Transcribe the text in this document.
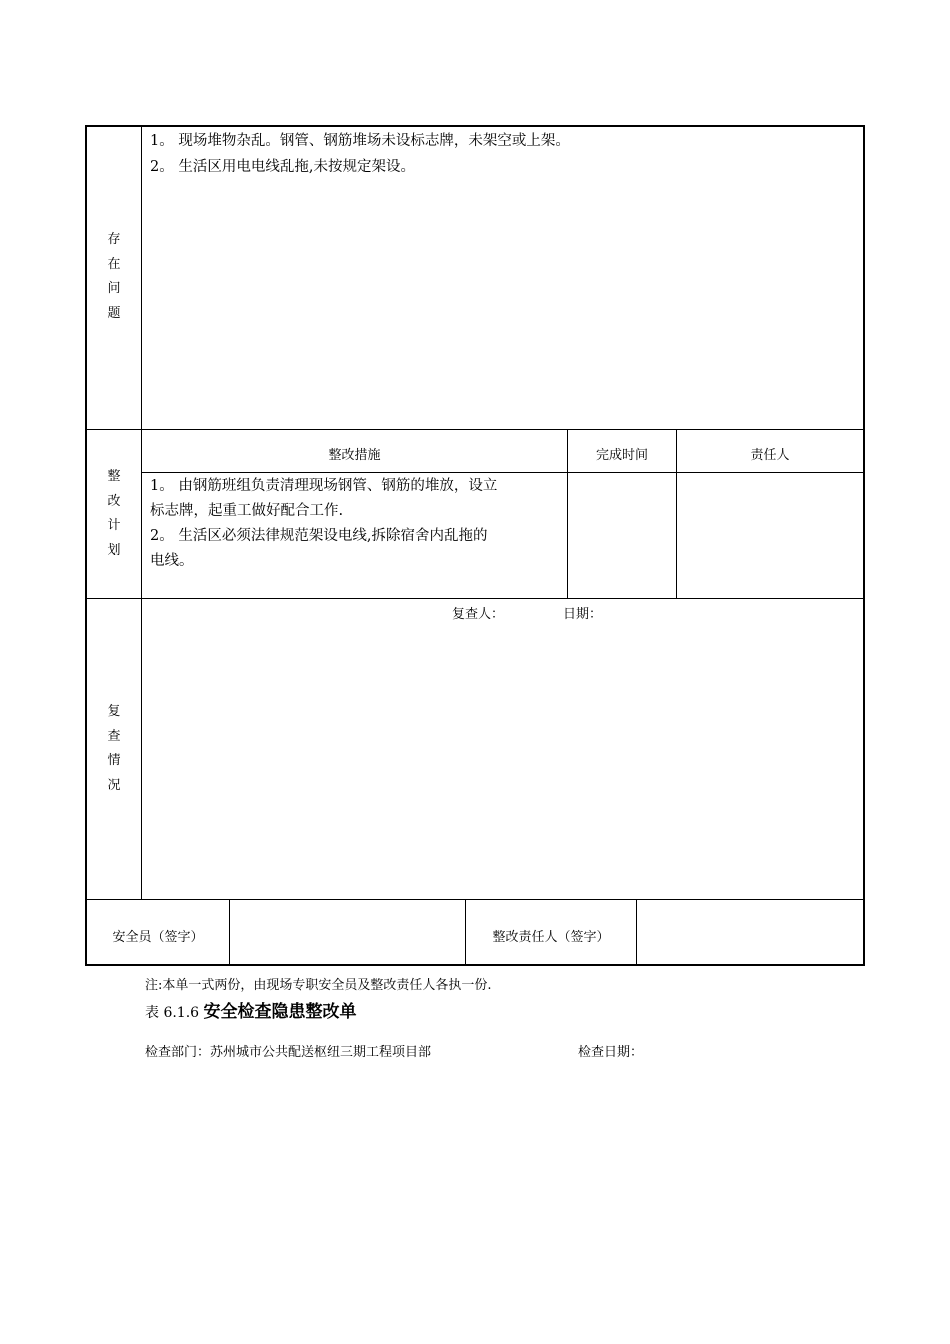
存
在
问
题
1。 现场堆物杂乱。钢管、钢筋堆场未设标志牌，未架空或上架。
2。 生活区用电电线乱拖,未按规定架设。
整
改
计
划
整改措施	完成时间	责任人
1。 由钢筋班组负责清理现场钢管、钢筋的堆放，设立
标志牌，起重工做好配合工作.
2。 生活区必须法律规范架设电线,拆除宿舍内乱拖的
电线。
复
查
情
况
复查人：	日期：
安全员（签字）	整改责任人（签字）
注:本单一式两份，由现场专职安全员及整改责任人各执一份.
表 6.1.6 安全检查隐患整改单
检查部门：苏州城市公共配送枢纽三期工程项目部	检查日期：
